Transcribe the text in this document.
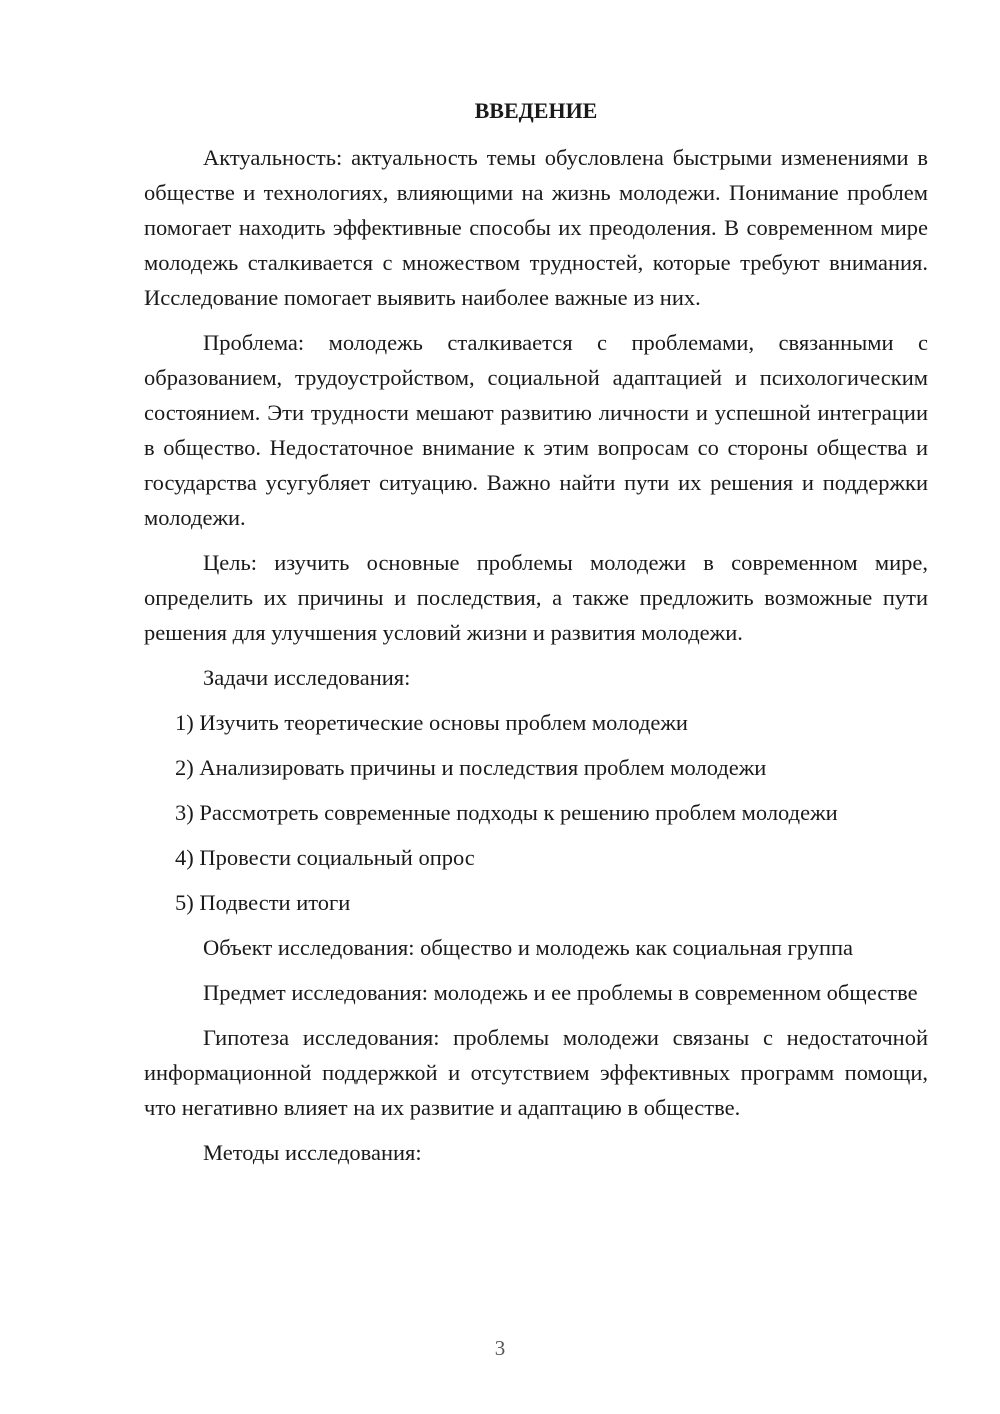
ВВЕДЕНИЕ
Актуальность: актуальность темы обусловлена быстрыми изменениями в обществе и технологиях, влияющими на жизнь молодежи. Понимание проблем помогает находить эффективные способы их преодоления. В современном мире молодежь сталкивается с множеством трудностей, которые требуют внимания. Исследование помогает выявить наиболее важные из них.
Проблема: молодежь сталкивается с проблемами, связанными с образованием, трудоустройством, социальной адаптацией и психологическим состоянием. Эти трудности мешают развитию личности и успешной интеграции в общество. Недостаточное внимание к этим вопросам со стороны общества и государства усугубляет ситуацию. Важно найти пути их решения и поддержки молодежи.
Цель: изучить основные проблемы молодежи в современном мире, определить их причины и последствия, а также предложить возможные пути решения для улучшения условий жизни и развития молодежи.
Задачи исследования:
1) Изучить теоретические основы проблем молодежи
2) Анализировать причины и последствия проблем молодежи
3) Рассмотреть современные подходы к решению проблем молодежи
4) Провести социальный опрос
5) Подвести итоги
Объект исследования: общество и молодежь как социальная группа
Предмет исследования: молодежь и ее проблемы в современном обществе
Гипотеза исследования: проблемы молодежи связаны с недостаточной информационной поддержкой и отсутствием эффективных программ помощи, что негативно влияет на их развитие и адаптацию в обществе.
Методы исследования:
3
